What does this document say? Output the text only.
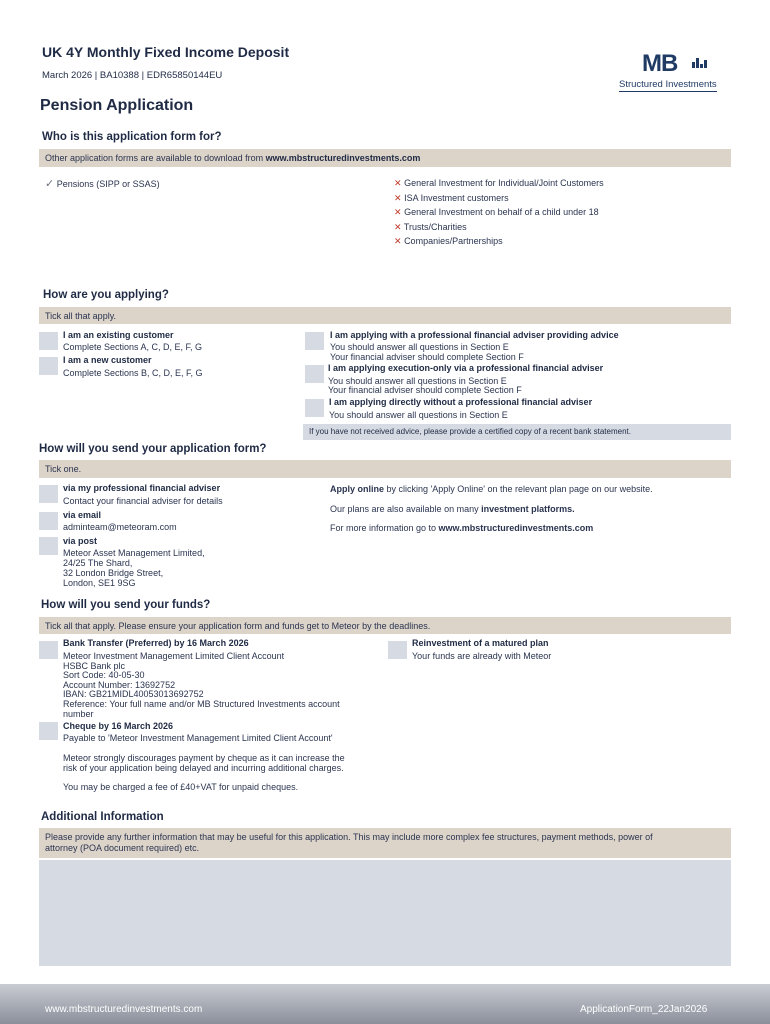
UK 4Y Monthly Fixed Income Deposit
March 2026 | BA10388 | EDR65850144EU	MB
Structured Investments
Pension Application
Who is this application form for?
Other application forms are available to download from www.mbstructuredinvestments.com
✓ Pensions (SIPP or SSAS)	✕ General Investment for Individual/Joint Customers
✕ ISA Investment customers
✕ General Investment on behalf of a child under 18
✕ Trusts/Charities
✕ Companies/Partnerships
How are you applying?
Tick all that apply.
I am an existing customer
Complete Sections A, C, D, E, F, G
I am a new customer
Complete Sections B, C, D, E, F, G
I am applying with a professional financial adviser providing advice
You should answer all questions in Section E
Your financial adviser should complete Section F
I am applying execution-only via a professional financial adviser
You should answer all questions in Section E
Your financial adviser should complete Section F
I am applying directly without a professional financial adviser
You should answer all questions in Section E
If you have not received advice, please provide a certified copy of a recent bank statement.
How will you send your application form?
Tick one.
via my professional financial adviser
Contact your financial adviser for details
via email
adminteam@meteoram.com
via post
Meteor Asset Management Limited,
24/25 The Shard,
32 London Bridge Street,
London, SE1 9SG
Apply online by clicking 'Apply Online' on the relevant plan page on our website.
Our plans are also available on many investment platforms.
For more information go to www.mbstructuredinvestments.com
How will you send your funds?
Tick all that apply. Please ensure your application form and funds get to Meteor by the deadlines.
Bank Transfer (Preferred) by 16 March 2026
Meteor Investment Management Limited Client Account
HSBC Bank plc
Sort Code: 40-05-30
Account Number: 13692752
IBAN: GB21MIDL40053013692752
Reference: Your full name and/or MB Structured Investments account
number
Cheque by 16 March 2026
Payable to 'Meteor Investment Management Limited Client Account'
Meteor strongly discourages payment by cheque as it can increase the
risk of your application being delayed and incurring additional charges.
You may be charged a fee of £40+VAT for unpaid cheques.
Reinvestment of a matured plan
Your funds are already with Meteor
Additional Information
Please provide any further information that may be useful for this application. This may include more complex fee structures, payment methods, power of
attorney (POA document required) etc.
www.mbstructuredinvestments.com	ApplicationForm_22Jan2026
